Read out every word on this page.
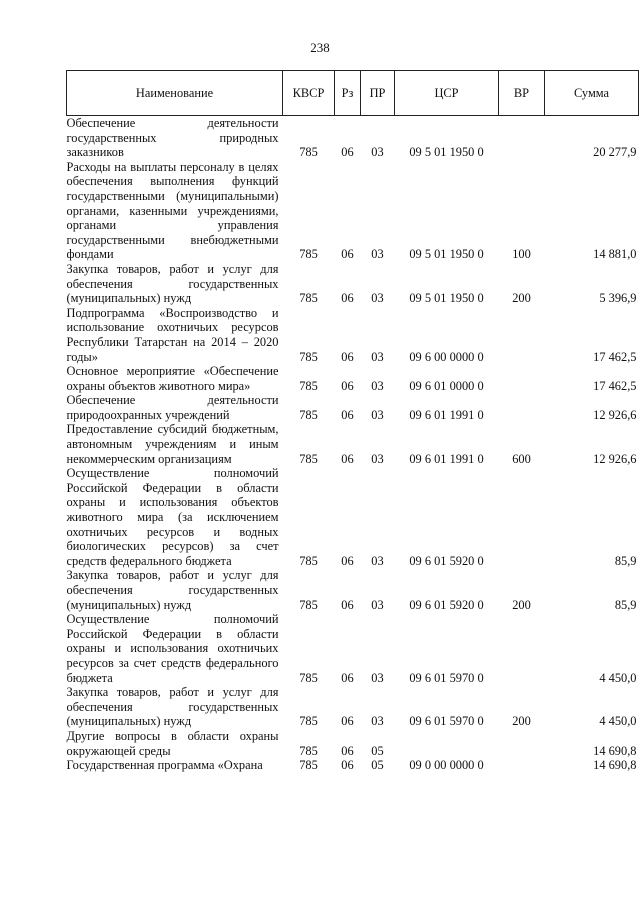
238
Наименование	КВСР	Рз	ПР	ЦСР	ВР	Сумма
Обеспечение деятельности государственных природных заказников	785	06	03	09 5 01 1950 0		20 277,9
Расходы на выплаты персоналу в целях обеспечения выполнения функций государственными (муниципальными) органами, казенными учреждениями, органами управления государственными внебюджетными фондами	785	06	03	09 5 01 1950 0	100	14 881,0
Закупка товаров, работ и услуг для обеспечения государственных (муниципальных) нужд	785	06	03	09 5 01 1950 0	200	5 396,9
Подпрограмма «Воспроизводство и использование охотничьих ресурсов Республики Татарстан на 2014 – 2020 годы»	785	06	03	09 6 00 0000 0		17 462,5
Основное мероприятие «Обеспечение охраны объектов животного мира»	785	06	03	09 6 01 0000 0		17 462,5
Обеспечение деятельности природоохранных учреждений	785	06	03	09 6 01 1991 0		12 926,6
Предоставление субсидий бюджетным, автономным учреждениям и иным некоммерческим организациям	785	06	03	09 6 01 1991 0	600	12 926,6
Осуществление полномочий Российской Федерации в области охраны и использования объектов животного мира (за исключением охотничьих ресурсов и водных биологических ресурсов) за счет средств федерального бюджета	785	06	03	09 6 01 5920 0		85,9
Закупка товаров, работ и услуг для обеспечения государственных (муниципальных) нужд	785	06	03	09 6 01 5920 0	200	85,9
Осуществление полномочий Российской Федерации в области охраны и использования охотничьих ресурсов за счет средств федерального бюджета	785	06	03	09 6 01 5970 0		4 450,0
Закупка товаров, работ и услуг для обеспечения государственных (муниципальных) нужд	785	06	03	09 6 01 5970 0	200	4 450,0
Другие вопросы в области охраны окружающей среды	785	06	05			14 690,8
Государственная программа «Охрана	785	06	05	09 0 00 0000 0		14 690,8
